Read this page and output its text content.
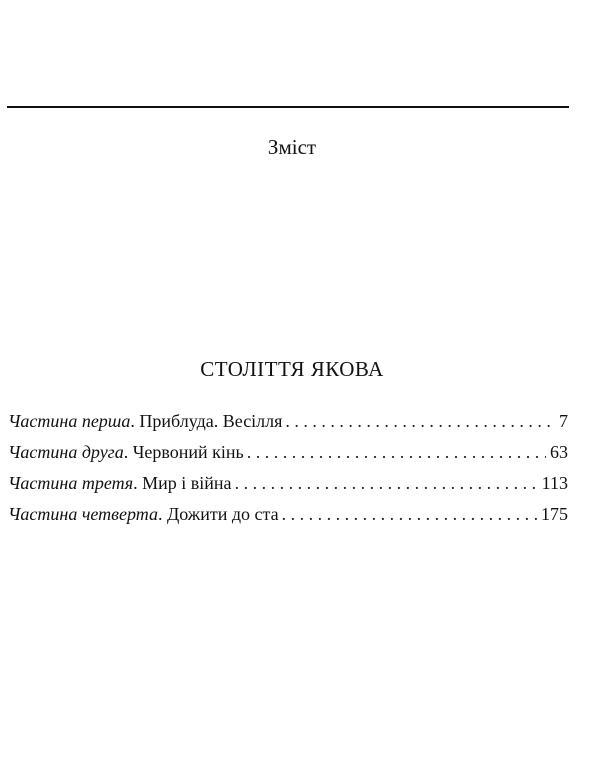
Зміст
СТОЛІТТЯ ЯКОВА
Частина перша . Приблуда. Весілля . . .	7
Частина друга . Червоний кінь . . .	63
Частина третя . Мир і війна . . .	113
Частина четверта . Дожити до ста . . .	175
